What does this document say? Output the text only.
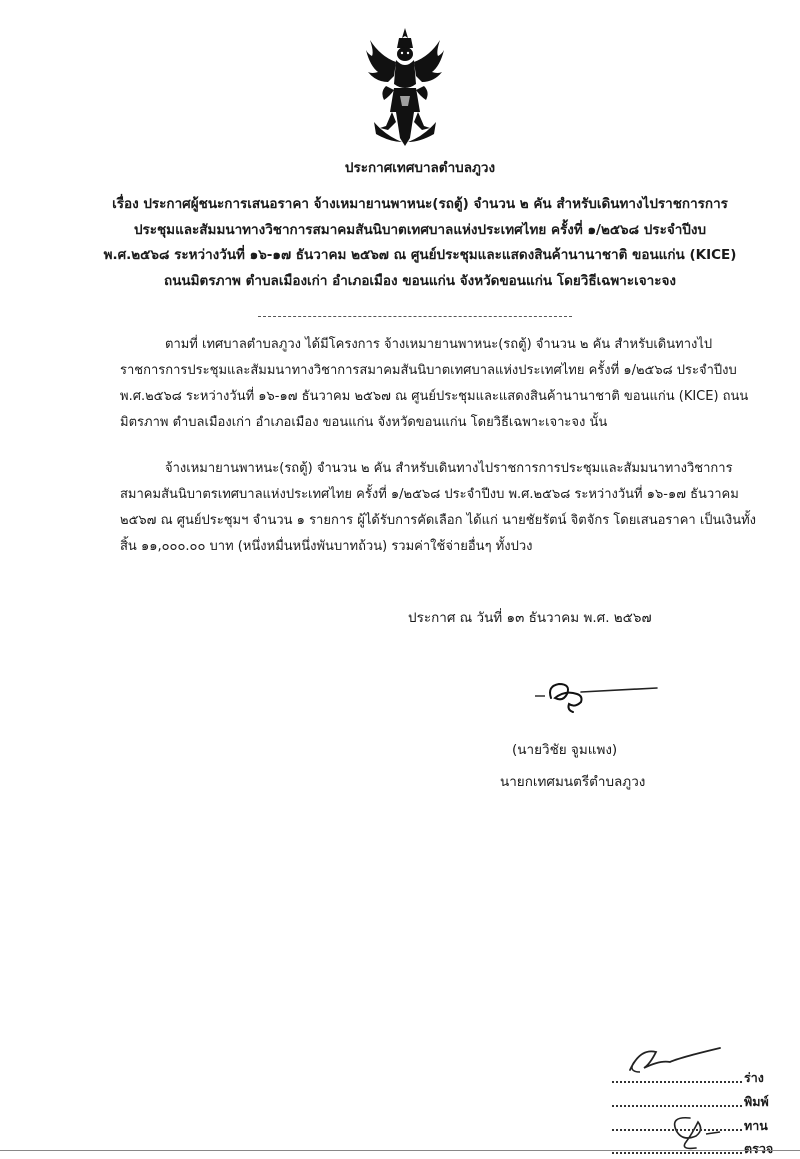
ประกาศเทศบาลตำบลภูวง
เรื่อง ประกาศผู้ชนะการเสนอราคา จ้างเหมายานพาหนะ(รถตู้) จำนวน ๒ คัน สำหรับเดินทางไปราชการการ
ประชุมและสัมมนาทางวิชาการสมาคมสันนิบาตเทศบาลแห่งประเทศไทย ครั้งที่ ๑/๒๕๖๘ ประจำปีงบ
พ.ศ.๒๕๖๘ ระหว่างวันที่ ๑๖-๑๗ ธันวาคม ๒๕๖๗ ณ ศูนย์ประชุมและแสดงสินค้านานาชาติ ขอนแก่น (KICE)
ถนนมิตรภาพ ตำบลเมืองเก่า อำเภอเมือง ขอนแก่น จังหวัดขอนแก่น โดยวิธีเฉพาะเจาะจง
ตามที่ เทศบาลตำบลภูวง ได้มีโครงการ จ้างเหมายานพาหนะ(รถตู้) จำนวน ๒ คัน สำหรับเดินทางไป
ราชการการประชุมและสัมมนาทางวิชาการสมาคมสันนิบาตเทศบาลแห่งประเทศไทย ครั้งที่ ๑/๒๕๖๘ ประจำปีงบ
พ.ศ.๒๕๖๘ ระหว่างวันที่ ๑๖-๑๗ ธันวาคม ๒๕๖๗ ณ ศูนย์ประชุมและแสดงสินค้านานาชาติ ขอนแก่น (KICE) ถนน
มิตรภาพ ตำบลเมืองเก่า อำเภอเมือง ขอนแก่น จังหวัดขอนแก่น โดยวิธีเฉพาะเจาะจง นั้น
จ้างเหมายานพาหนะ(รถตู้) จำนวน ๒ คัน สำหรับเดินทางไปราชการการประชุมและสัมมนาทางวิชาการ
สมาคมสันนิบาตรเทศบาลแห่งประเทศไทย ครั้งที่ ๑/๒๕๖๘ ประจำปีงบ พ.ศ.๒๕๖๘ ระหว่างวันที่ ๑๖-๑๗ ธันวาคม
๒๕๖๗ ณ ศูนย์ประชุมฯ จำนวน ๑ รายการ ผู้ได้รับการคัดเลือก ได้แก่ นายชัยรัตน์ จิตจักร โดยเสนอราคา เป็นเงินทั้ง
สิ้น ๑๑,๐๐๐.๐๐ บาท (หนึ่งหมื่นหนึ่งพันบาทถ้วน) รวมค่าใช้จ่ายอื่นๆ ทั้งปวง
ประกาศ ณ วันที่ ๑๓ ธันวาคม พ.ศ. ๒๕๖๗
(นายวิชัย จูมแพง)
นายกเทศมนตรีตำบลภูวง
ร่าง
พิมพ์
ทาน
ตรวจ
